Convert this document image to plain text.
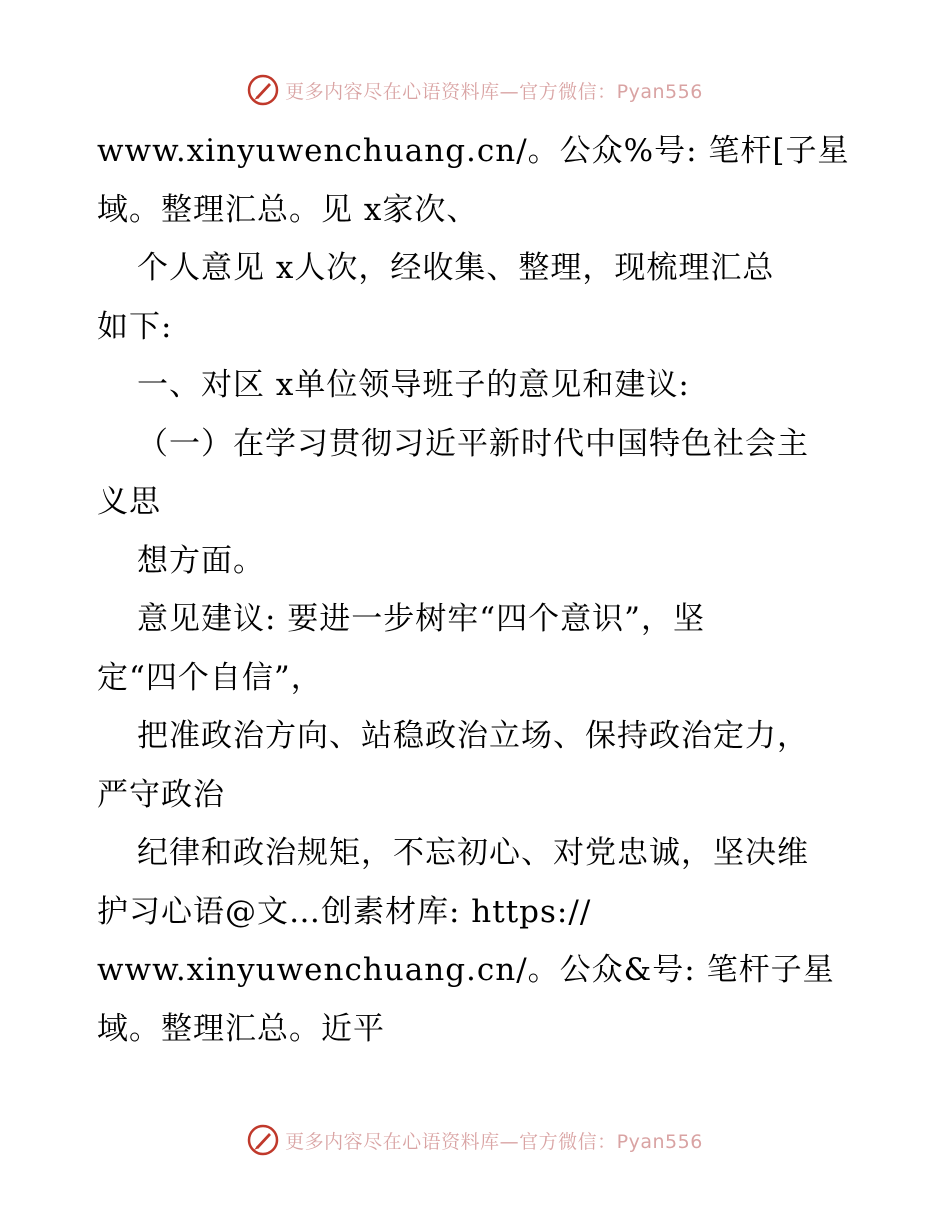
更多内容尽在心语资料库—官方微信：Pyan556
www.xinyuwenchuang.cn/。公众%号: 笔杆[子星
域。整理汇总。见 x家次、
个人意见 x人次，经收集、整理，现梳理汇总
如下:
一、对区 x单位领导班子的意见和建议:
（一）在学习贯彻习近平新时代中国特色社会主
义思
想方面。
意见建议: 要进一步树牢“四个意识”，坚
定“四个自信”，
把准政治方向、站稳政治立场、保持政治定力，
严守政治
纪律和政治规矩，不忘初心、对党忠诚，坚决维
护习心语@文…创素材库: https://
www.xinyuwenchuang.cn/。公众&号: 笔杆子星
域。整理汇总。近平
更多内容尽在心语资料库—官方微信：Pyan556
